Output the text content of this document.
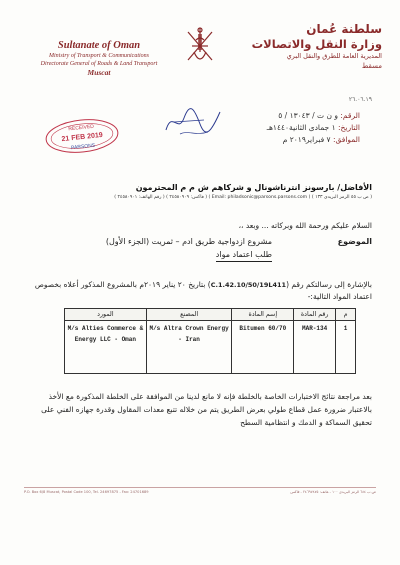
Sultanate of Oman
Ministry of Transport & Communications
Directorate General of Roads & Land Transport
Muscat
سلطنة عُمان
وزارة النقل والاتصالات
المديرية العامة للطرق والنقل البري
مسقط
٢٦.٠٦.١٩
RECEIVED
21 FEB 2019
PARSONS
الرقم: و ن ت / ١٣٠٤٣ / ٥
التاريخ: ١ جمادى الثانية١٤٤٠هـ
الموافق: ٧ فبراير٢٠١٩ م
الأفاضل/ بارسونز انترناشونال و شركاهم ش م م المحترمون
( رقم الهاتف: ٢٤٥٨٠٩٠١ ) ( فاكس: ٢٤٥٨٠٩٠٩ ) ( Email: philadsonic@parsons.parsons.com ) ( ص ب ٥٥ الرمز البريدي ١٣٣ )
السلام عليكم ورحمة الله وبركاته ... وبعد ،،
الموضوع
مشروع ازدواجية طريق ادم – ثمريت (الجزء الأول)
طلب اعتماد مواد
بالإشارة إلى رسالتكم رقم (C.1.42.10/50/19L411) بتاريخ ٢٠ يناير ٢٠١٩م بالمشروع المذكور أعلاه بخصوص اعتماد المواد التالية:-
م	رقم المادة	إسم المادة	المصنع	المورد
1	MAR-134	Bitumen 60/70	M/s Altra Crown Energy - Iran	M/s Alties Commerce & Energy LLC - Oman
بعد مراجعة نتائج الاختبارات الخاصة بالخلطة فإنه لا مانع لدينا من الموافقة على الخلطة المذكورة مع الأخذ بالاعتبار ضرورة عمل قطاع طولي بعرض الطريق يتم من خلاله تتبع معدات المقاول وقدرة جهازه الفني على تحقيق السماكة و الدمك و انتظامية السطح
P.O. Box 6/8 Muscat, Postal Code 100, Tel. 24697875 - Fax: 24701689	ص.ب ٦٨٤ الرمز البريدي ١٠٠ - هاتف: ٢٤٦٩٧٨٧٥ - فاكس
